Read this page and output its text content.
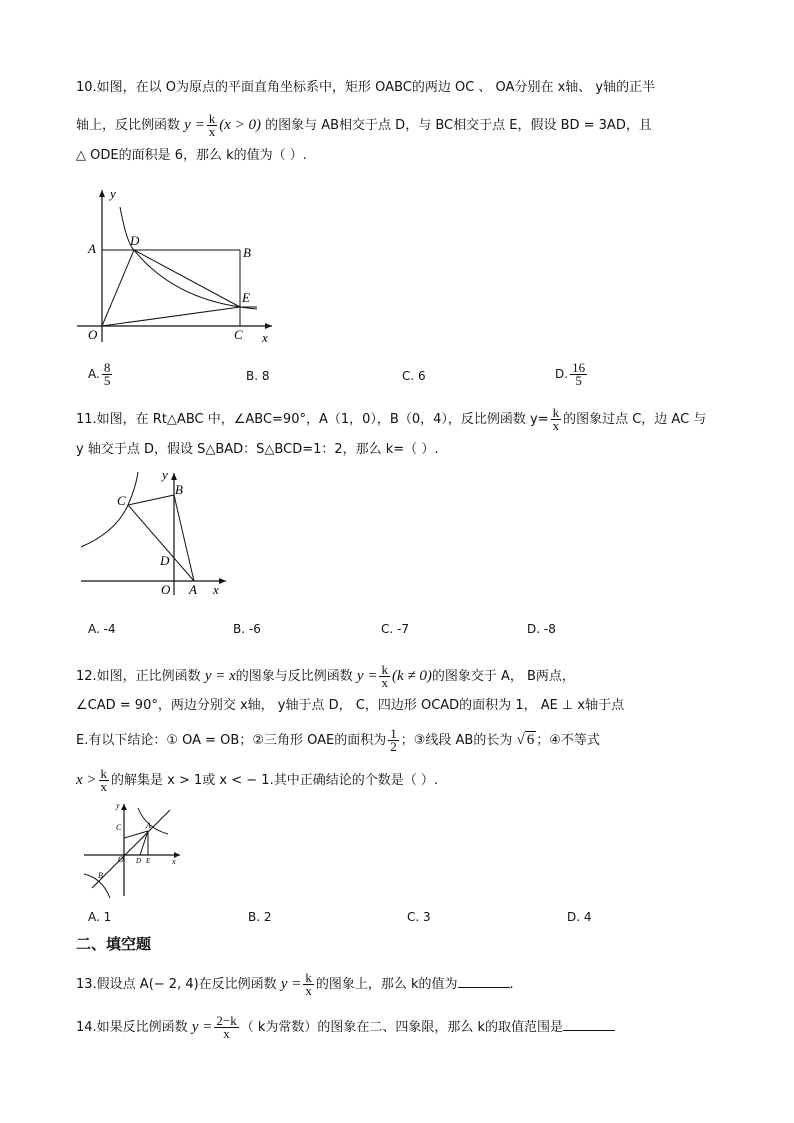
10.如图，在以 O为原点的平面直角坐标系中，矩形 OABC的两边 OC 、 OA分别在 x轴、 y轴的正半
轴上，反比例函数 $y = \frac{k}{x} (x > 0)$ 的图象与 AB相交于点 D，与 BC相交于点 E，假设 BD = 3AD，且
△ ODE的面积是 6，那么 k的值为（ ）.
y
A
D
B
E
O	C x
A. $\frac{8}{5}$	B. 8	C. 6	D. $\frac{16}{5}$
11.如图，在 Rt△ABC 中，∠ABC=90°，A（1，0），B（0，4），反比例函数 $y= \frac{k}{x}$ 的图象过点 C，边 AC 与
y 轴交于点 D，假设 S△BAD：S△BCD=1：2，那么 k=（ ）.
y
C
B
D
O A x
A. -4	B. -6	C. -7	D. -8
12.如图，正比例函数 y = x的图象与反比例函数 $y = \frac{k}{x} (k \ne 0)$的图象交于 A， B两点，
∠CAD = 90°，两边分别交 x轴， y轴于点 D， C，四边形 OCAD的面积为 1， AE ⊥ x轴于点
E.有以下结论：① OA = OB；②三角形 OAE的面积为 $\frac{1}{2}$ ；③线段 AB的长为 √ 6 ；④不等式
$x > \frac{k}{x}$ 的解集是 x > 1或 x < − 1.其中正确结论的个数是（ ）.
y
C	A
O D E	x
B
A. 1	B. 2	C. 3	D. 4
二、填空题
13.假设点 A(− 2, 4)在反比例函数 $y = \frac{k}{x}$ 的图象上，那么 k的值为	.
14.如果反比例函数 $y = \frac{2-k}{x}$ （ k为常数）的图象在二、四象限，那么 k的取值范围是
